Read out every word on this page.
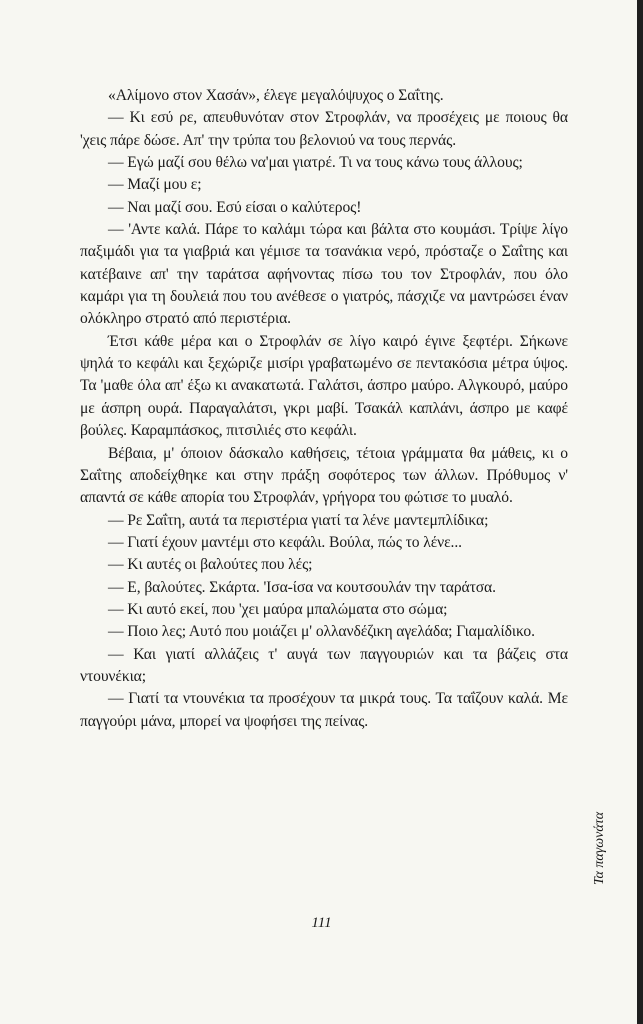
«Αλίμονο στον Χασάν», έλεγε μεγαλόψυχος ο Σαΐτης.

— Κι εσύ ρε, απευθυνόταν στον Στροφλάν, να προσέχεις με ποιους θα 'χεις πάρε δώσε. Απ' την τρύπα του βελονιού να τους περνάς.

— Εγώ μαζί σου θέλω να'μαι γιατρέ. Τι να τους κάνω τους άλλους;

— Μαζί μου ε;

— Ναι μαζί σου. Εσύ είσαι ο καλύτερος!

— 'Αντε καλά. Πάρε το καλάμι τώρα και βάλτα στο κουμάσι. Τρίψε λίγο παξιμάδι για τα γιαβριά και γέμισε τα τσανάκια νερό, πρόσταζε ο Σαΐτης και κατέβαινε απ' την ταράτσα αφήνοντας πίσω του τον Στροφλάν, που όλο καμάρι για τη δουλειά που του ανέθεσε ο γιατρός, πάσχιζε να μαντρώσει έναν ολόκληρο στρατό από περιστέρια.

Έτσι κάθε μέρα και ο Στροφλάν σε λίγο καιρό έγινε ξεφτέρι. Σήκωνε ψηλά το κεφάλι και ξεχώριζε μισίρι γραβατωμένο σε πεντακόσια μέτρα ύψος. Τα 'μαθε όλα απ' έξω κι ανακατωτά. Γαλάτσι, άσπρο μαύρο. Αλγκουρό, μαύρο με άσπρη ουρά. Παραγαλάτσι, γκρι μαβί. Τσακάλ καπλάνι, άσπρο με καφέ βούλες. Καραμπάσκος, πιτσιλιές στο κεφάλι.

Βέβαια, μ' όποιον δάσκαλο καθήσεις, τέτοια γράμματα θα μάθεις, κι ο Σαΐτης αποδείχθηκε και στην πράξη σοφότερος των άλλων. Πρόθυμος ν' απαντά σε κάθε απορία του Στροφλάν, γρήγορα του φώτισε το μυαλό.

— Ρε Σαΐτη, αυτά τα περιστέρια γιατί τα λένε μαντεμπλίδικα;

— Γιατί έχουν μαντέμι στο κεφάλι. Βούλα, πώς το λένε...

— Κι αυτές οι βαλούτες που λές;

— Ε, βαλούτες. Σκάρτα. 'Ισα-ίσα να κουτσουλάν την ταράτσα.

— Κι αυτό εκεί, που 'χει μαύρα μπαλώματα στο σώμα;

— Ποιο λες; Αυτό που μοιάζει μ' ολλανδέζικη αγελάδα; Γιαμαλίδικο.

— Και γιατί αλλάζεις τ' αυγά των παγγουριών και τα βάζεις στα ντουνέκια;

— Γιατί τα ντουνέκια τα προσέχουν τα μικρά τους. Τα ταΐζουν καλά. Με παγγούρι μάνα, μπορεί να ψοφήσει της πείνας.

111
Τα παγωνάτα
